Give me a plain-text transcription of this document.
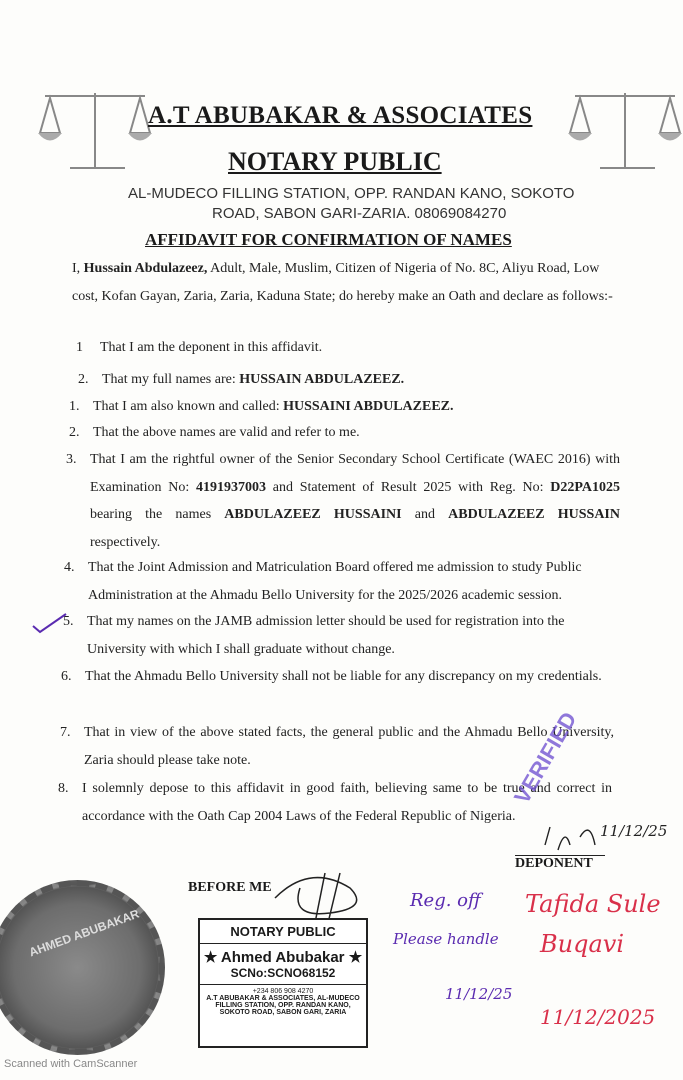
A.T ABUBAKAR & ASSOCIATES
NOTARY PUBLIC
AL-MUDECO FILLING STATION, OPP. RANDAN KANO, SOKOTO
ROAD, SABON GARI-ZARIA. 08069084270
AFFIDAVIT FOR CONFIRMATION OF NAMES
I, Hussain Abdulazeez, Adult, Male, Muslim, Citizen of Nigeria of No. 8C, Aliyu Road, Low cost, Kofan Gayan, Zaria, Zaria, Kaduna State; do hereby make an Oath and declare as follows:-
1 That I am the deponent in this affidavit.
2. That my full names are: HUSSAIN ABDULAZEEZ.
1. That I am also known and called: HUSSAINI ABDULAZEEZ.
2. That the above names are valid and refer to me.
3. That I am the rightful owner of the Senior Secondary School Certificate (WAEC 2016) with Examination No: 4191937003 and Statement of Result 2025 with Reg. No: D22PA1025 bearing the names ABDULAZEEZ HUSSAINI and ABDULAZEEZ HUSSAIN respectively.
4. That the Joint Admission and Matriculation Board offered me admission to study Public Administration at the Ahmadu Bello University for the 2025/2026 academic session.
5. That my names on the JAMB admission letter should be used for registration into the University with which I shall graduate without change.
6. That the Ahmadu Bello University shall not be liable for any discrepancy on my credentials.
7. That in view of the above stated facts, the general public and the Ahmadu Bello University, Zaria should please take note.
8. I solemnly depose to this affidavit in good faith, believing same to be true and correct in accordance with the Oath Cap 2004 Laws of the Federal Republic of Nigeria.
VERIFIED
DEPONENT
11/12/25
AHMED ABUBAKAR
BEFORE ME
NOTARY PUBLIC
★ Ahmed Abubakar ★
SCNo:SCNO68152
+234 806 908 4270
A.T ABUBAKAR & ASSOCIATES, AL-MUDECO FILLING STATION, OPP. RANDAN KANO, SOKOTO ROAD, SABON GARI, ZARIA
Reg. off
Please handle
11/12/25
Tafida Sule
Buqavi
11/12/2025
Scanned with CamScanner
